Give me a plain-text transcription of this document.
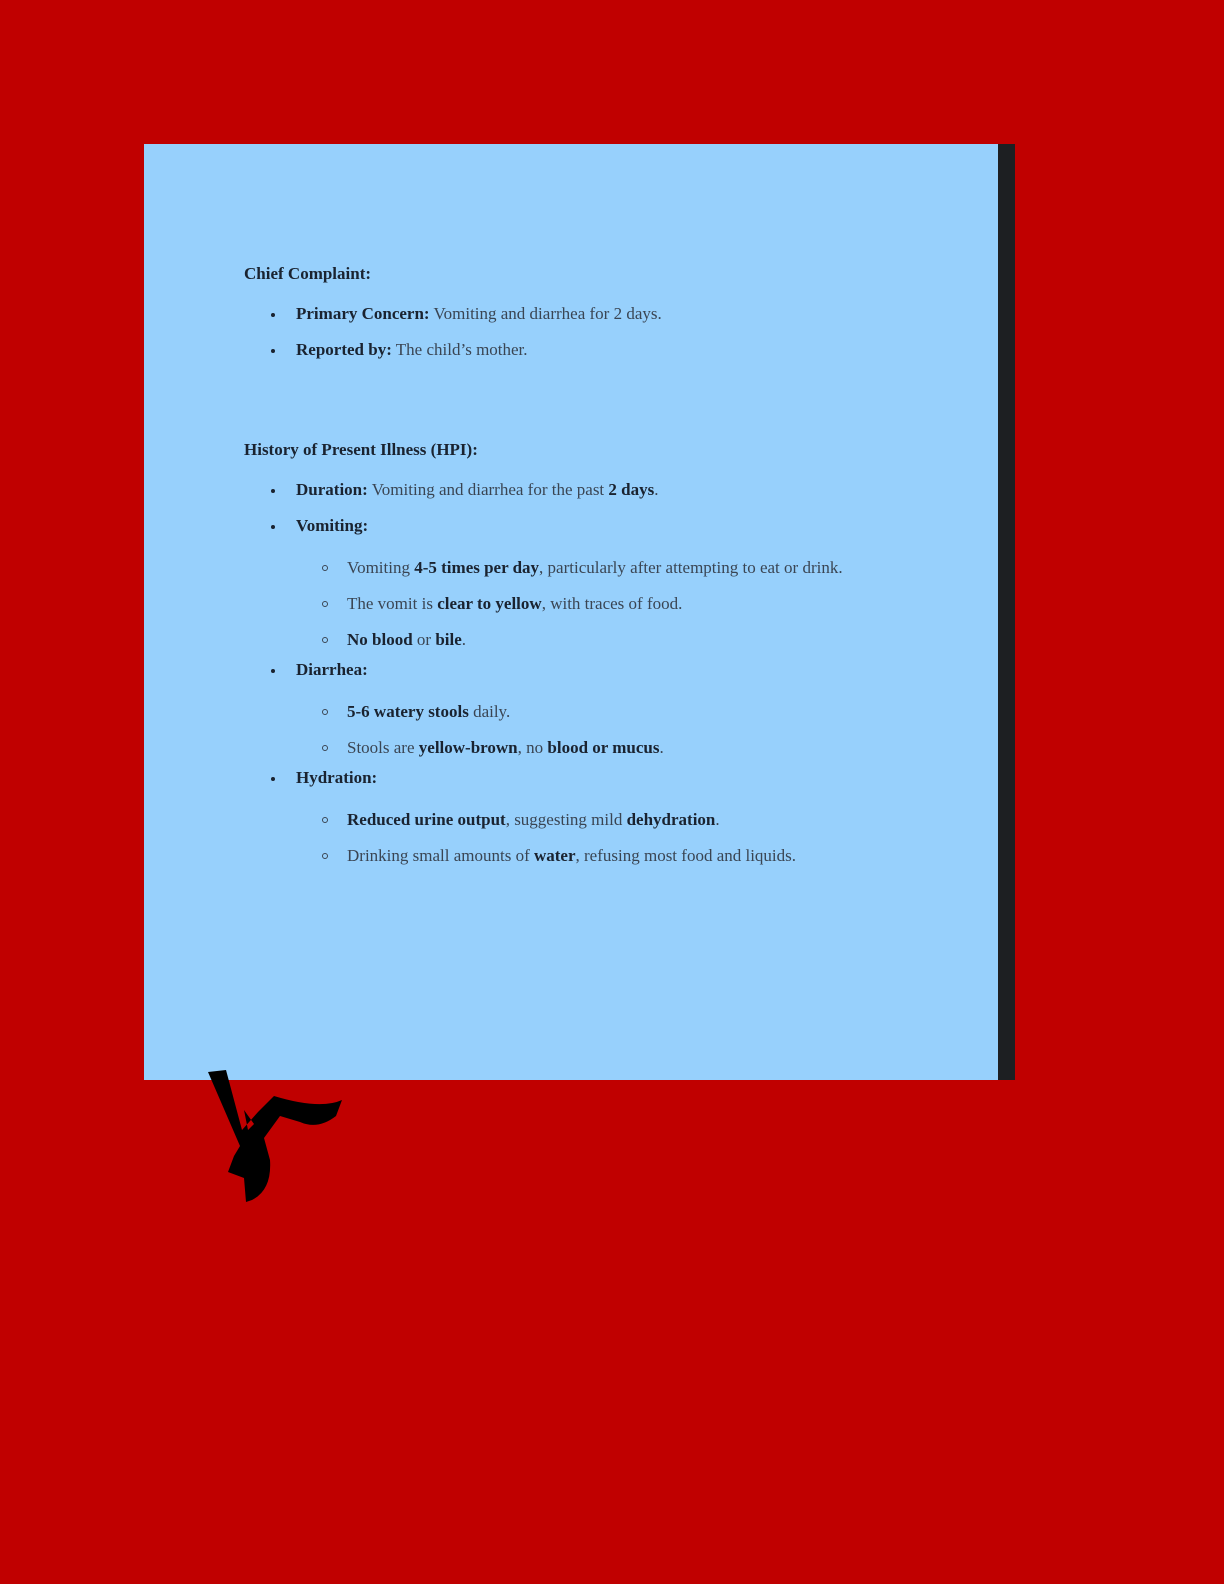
Chief Complaint:
Primary Concern: Vomiting and diarrhea for 2 days.
Reported by: The child’s mother.
History of Present Illness (HPI):
Duration: Vomiting and diarrhea for the past 2 days.
Vomiting:
Vomiting 4-5 times per day, particularly after attempting to eat or drink.
The vomit is clear to yellow, with traces of food.
No blood or bile.
Diarrhea:
5-6 watery stools daily.
Stools are yellow-brown, no blood or mucus.
Hydration:
Reduced urine output, suggesting mild dehydration.
Drinking small amounts of water, refusing most food and liquids.
